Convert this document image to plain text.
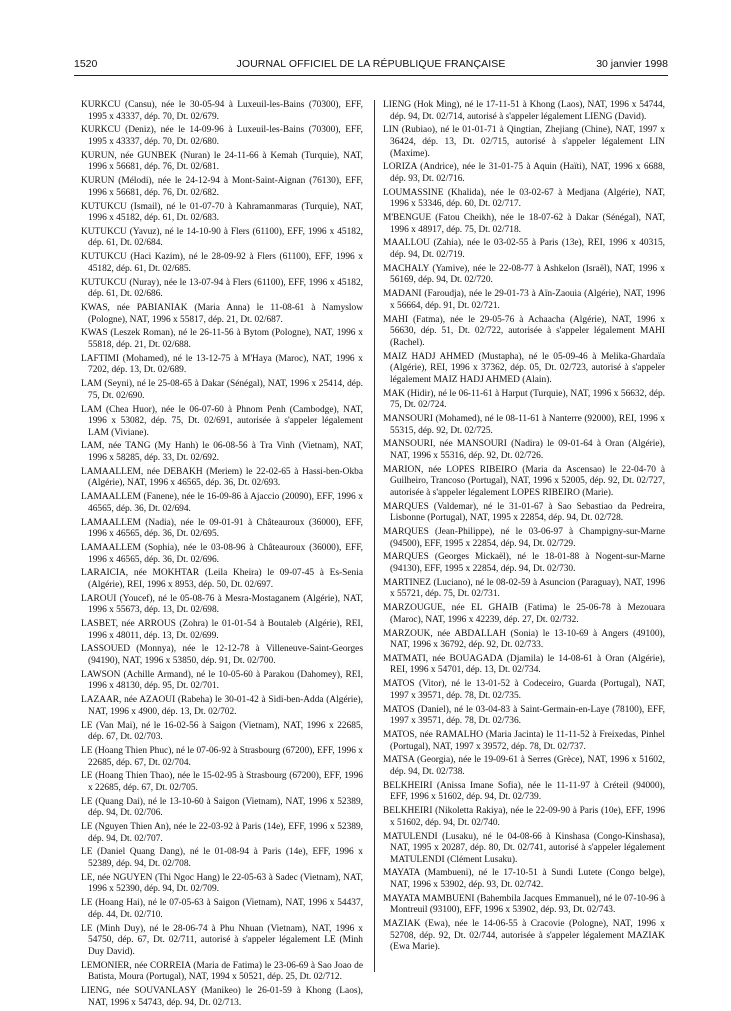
1520	JOURNAL OFFICIEL DE LA RÉPUBLIQUE FRANÇAISE	30 janvier 1998

KURKCU (Cansu), née le 30-05-94 à Luxeuil-les-Bains (70300), EFF, 1995 x 43337, dép. 70, Dt. 02/679.

KURKCU (Deniz), née le 14-09-96 à Luxeuil-les-Bains (70300), EFF, 1995 x 43337, dép. 70, Dt. 02/680.

KURUN, née GUNBEK (Nuran) le 24-11-66 à Kemah (Turquie), NAT, 1996 x 56681, dép. 76, Dt. 02/681.

KURUN (Mélodi), née le 24-12-94 à Mont-Saint-Aignan (76130), EFF, 1996 x 56681, dép. 76, Dt. 02/682.

KUTUKCU (Ismail), né le 01-07-70 à Kahramanmaras (Turquie), NAT, 1996 x 45182, dép. 61, Dt. 02/683.

KUTUKCU (Yavuz), né le 14-10-90 à Flers (61100), EFF, 1996 x 45182, dép. 61, Dt. 02/684.

KUTUKCU (Haci Kazim), né le 28-09-92 à Flers (61100), EFF, 1996 x 45182, dép. 61, Dt. 02/685.

KUTUKCU (Nuray), née le 13-07-94 à Flers (61100), EFF, 1996 x 45182, dép. 61, Dt. 02/686.

KWAS, née PABIANIAK (Maria Anna) le 11-08-61 à Namyslow (Pologne), NAT, 1996 x 55817, dép. 21, Dt. 02/687.

KWAS (Leszek Roman), né le 26-11-56 à Bytom (Pologne), NAT, 1996 x 55818, dép. 21, Dt. 02/688.

LAFTIMI (Mohamed), né le 13-12-75 à M'Haya (Maroc), NAT, 1996 x 7202, dép. 13, Dt. 02/689.

LAM (Seyni), né le 25-08-65 à Dakar (Sénégal), NAT, 1996 x 25414, dép. 75, Dt. 02/690.

LAM (Chea Huor), née le 06-07-60 à Phnom Penh (Cambodge), NAT, 1996 x 53082, dép. 75, Dt. 02/691, autorisée à s'appeler légalement LAM (Viviane).

LAM, née TANG (My Hanh) le 06-08-56 à Tra Vinh (Vietnam), NAT, 1996 x 58285, dép. 33, Dt. 02/692.

LAMAALLEM, née DEBAKH (Meriem) le 22-02-65 à Hassi-ben-Okba (Algérie), NAT, 1996 x 46565, dép. 36, Dt. 02/693.

LAMAALLEM (Fanene), née le 16-09-86 à Ajaccio (20090), EFF, 1996 x 46565, dép. 36, Dt. 02/694.

LAMAALLEM (Nadia), née le 09-01-91 à Châteauroux (36000), EFF, 1996 x 46565, dép. 36, Dt. 02/695.

LAMAALLEM (Sophia), née le 03-08-96 à Châteauroux (36000), EFF, 1996 x 46565, dép. 36, Dt. 02/696.

LARAICIA, née MOKHTAR (Leila Kheira) le 09-07-45 à Es-Senia (Algérie), REI, 1996 x 8953, dép. 50, Dt. 02/697.

LAROUI (Youcef), né le 05-08-76 à Mesra-Mostaganem (Algérie), NAT, 1996 x 55673, dép. 13, Dt. 02/698.

LASBET, née ARROUS (Zohra) le 01-01-54 à Boutaleb (Algérie), REI, 1996 x 48011, dép. 13, Dt. 02/699.

LASSOUED (Monnya), née le 12-12-78 à Villeneuve-Saint-Georges (94190), NAT, 1996 x 53850, dép. 91, Dt. 02/700.

LAWSON (Achille Armand), né le 10-05-60 à Parakou (Dahomey), REI, 1996 x 48130, dép. 95, Dt. 02/701.

LAZAAR, née AZAOUI (Rabeha) le 30-01-42 à Sidi-ben-Adda (Algérie), NAT, 1996 x 4900, dép. 13, Dt. 02/702.

LE (Van Mai), né le 16-02-56 à Saigon (Vietnam), NAT, 1996 x 22685, dép. 67, Dt. 02/703.

LE (Hoang Thien Phuc), né le 07-06-92 à Strasbourg (67200), EFF, 1996 x 22685, dép. 67, Dt. 02/704.

LE (Hoang Thien Thao), née le 15-02-95 à Strasbourg (67200), EFF, 1996 x 22685, dép. 67, Dt. 02/705.

LE (Quang Dai), né le 13-10-60 à Saigon (Vietnam), NAT, 1996 x 52389, dép. 94, Dt. 02/706.

LE (Nguyen Thien An), née le 22-03-92 à Paris (14e), EFF, 1996 x 52389, dép. 94, Dt. 02/707.

LE (Daniel Quang Dang), né le 01-08-94 à Paris (14e), EFF, 1996 x 52389, dép. 94, Dt. 02/708.

LE, née NGUYEN (Thi Ngoc Hang) le 22-05-63 à Sadec (Vietnam), NAT, 1996 x 52390, dép. 94, Dt. 02/709.

LE (Hoang Hai), né le 07-05-63 à Saigon (Vietnam), NAT, 1996 x 54437, dép. 44, Dt. 02/710.

LE (Minh Duy), né le 28-06-74 à Phu Nhuan (Vietnam), NAT, 1996 x 54750, dép. 67, Dt. 02/711, autorisé à s'appeler légalement LE (Minh Duy David).

LEMONIER, née CORREIA (Maria de Fatima) le 23-06-69 à Sao Joao de Batista, Moura (Portugal), NAT, 1994 x 50521, dép. 25, Dt. 02/712.

LIENG, née SOUVANLASY (Manikeo) le 26-01-59 à Khong (Laos), NAT, 1996 x 54743, dép. 94, Dt. 02/713.

LIENG (Hok Ming), né le 17-11-51 à Khong (Laos), NAT, 1996 x 54744, dép. 94, Dt. 02/714, autorisé à s'appeler légalement LIENG (David).

LIN (Rubiao), né le 01-01-71 à Qingtian, Zhejiang (Chine), NAT, 1997 x 36424, dép. 13, Dt. 02/715, autorisé à s'appeler légalement LIN (Maxime).

LORIZA (Andrice), née le 31-01-75 à Aquin (Haïti), NAT, 1996 x 6688, dép. 93, Dt. 02/716.

LOUMASSINE (Khalida), née le 03-02-67 à Medjana (Algérie), NAT, 1996 x 53346, dép. 60, Dt. 02/717.

M'BENGUE (Fatou Cheikh), née le 18-07-62 à Dakar (Sénégal), NAT, 1996 x 48917, dép. 75, Dt. 02/718.

MAALLOU (Zahia), née le 03-02-55 à Paris (13e), REI, 1996 x 40315, dép. 94, Dt. 02/719.

MACHALY (Yamive), née le 22-08-77 à Ashkelon (Israël), NAT, 1996 x 56169, dép. 94, Dt. 02/720.

MADANI (Faroudja), née le 29-01-73 à Aïn-Zaouia (Algérie), NAT, 1996 x 56664, dép. 91, Dt. 02/721.

MAHI (Fatma), née le 29-05-76 à Achaacha (Algérie), NAT, 1996 x 56630, dép. 51, Dt. 02/722, autorisée à s'appeler légalement MAHI (Rachel).

MAIZ HADJ AHMED (Mustapha), né le 05-09-46 à Melika-Ghardaïa (Algérie), REI, 1996 x 37362, dép. 05, Dt. 02/723, autorisé à s'appeler légalement MAIZ HADJ AHMED (Alain).

MAK (Hidir), né le 06-11-61 à Harput (Turquie), NAT, 1996 x 56632, dép. 75, Dt. 02/724.

MANSOURI (Mohamed), né le 08-11-61 à Nanterre (92000), REI, 1996 x 55315, dép. 92, Dt. 02/725.

MANSOURI, née MANSOURI (Nadira) le 09-01-64 à Oran (Algérie), NAT, 1996 x 55316, dép. 92, Dt. 02/726.

MARION, née LOPES RIBEIRO (Maria da Ascensao) le 22-04-70 à Guilheiro, Trancoso (Portugal), NAT, 1996 x 52005, dép. 92, Dt. 02/727, autorisée à s'appeler légalement LOPES RIBEIRO (Marie).

MARQUES (Valdemar), né le 31-01-67 à Sao Sebastiao da Pedreira, Lisbonne (Portugal), NAT, 1995 x 22854, dép. 94, Dt. 02/728.

MARQUES (Jean-Philippe), né le 03-06-97 à Champigny-sur-Marne (94500), EFF, 1995 x 22854, dép. 94, Dt. 02/729.

MARQUES (Georges Mickaël), né le 18-01-88 à Nogent-sur-Marne (94130), EFF, 1995 x 22854, dép. 94, Dt. 02/730.

MARTINEZ (Luciano), né le 08-02-59 à Asuncion (Paraguay), NAT, 1996 x 55721, dép. 75, Dt. 02/731.

MARZOUGUE, née EL GHAIB (Fatima) le 25-06-78 à Mezouara (Maroc), NAT, 1996 x 42239, dép. 27, Dt. 02/732.

MARZOUK, née ABDALLAH (Sonia) le 13-10-69 à Angers (49100), NAT, 1996 x 36792, dép. 92, Dt. 02/733.

MATMATI, née BOUAGADA (Djamila) le 14-08-61 à Oran (Algérie), REI, 1996 x 54701, dép. 13, Dt. 02/734.

MATOS (Vitor), né le 13-01-52 à Codeceiro, Guarda (Portugal), NAT, 1997 x 39571, dép. 78, Dt. 02/735.

MATOS (Daniel), né le 03-04-83 à Saint-Germain-en-Laye (78100), EFF, 1997 x 39571, dép. 78, Dt. 02/736.

MATOS, née RAMALHO (Maria Jacinta) le 11-11-52 à Freixedas, Pinhel (Portugal), NAT, 1997 x 39572, dép. 78, Dt. 02/737.

MATSA (Georgia), née le 19-09-61 à Serres (Grèce), NAT, 1996 x 51602, dép. 94, Dt. 02/738.

BELKHEIRI (Anissa Imane Sofia), née le 11-11-97 à Créteil (94000), EFF, 1996 x 51602, dép. 94, Dt. 02/739.

BELKHEIRI (Nikoletta Rakiya), née le 22-09-90 à Paris (10e), EFF, 1996 x 51602, dép. 94, Dt. 02/740.

MATULENDI (Lusaku), né le 04-08-66 à Kinshasa (Congo-Kinshasa), NAT, 1995 x 20287, dép. 80, Dt. 02/741, autorisé à s'appeler légalement MATULENDI (Clément Lusaku).

MAYATA (Mambueni), né le 17-10-51 à Sundi Lutete (Congo belge), NAT, 1996 x 53902, dép. 93, Dt. 02/742.

MAYATA MAMBUENI (Bahembila Jacques Emmanuel), né le 07-10-96 à Montreuil (93100), EFF, 1996 x 53902, dép. 93, Dt. 02/743.

MAZIAK (Ewa), née le 14-06-55 à Cracovie (Pologne), NAT, 1996 x 52708, dép. 92, Dt. 02/744, autorisée à s'appeler légalement MAZIAK (Ewa Marie).
